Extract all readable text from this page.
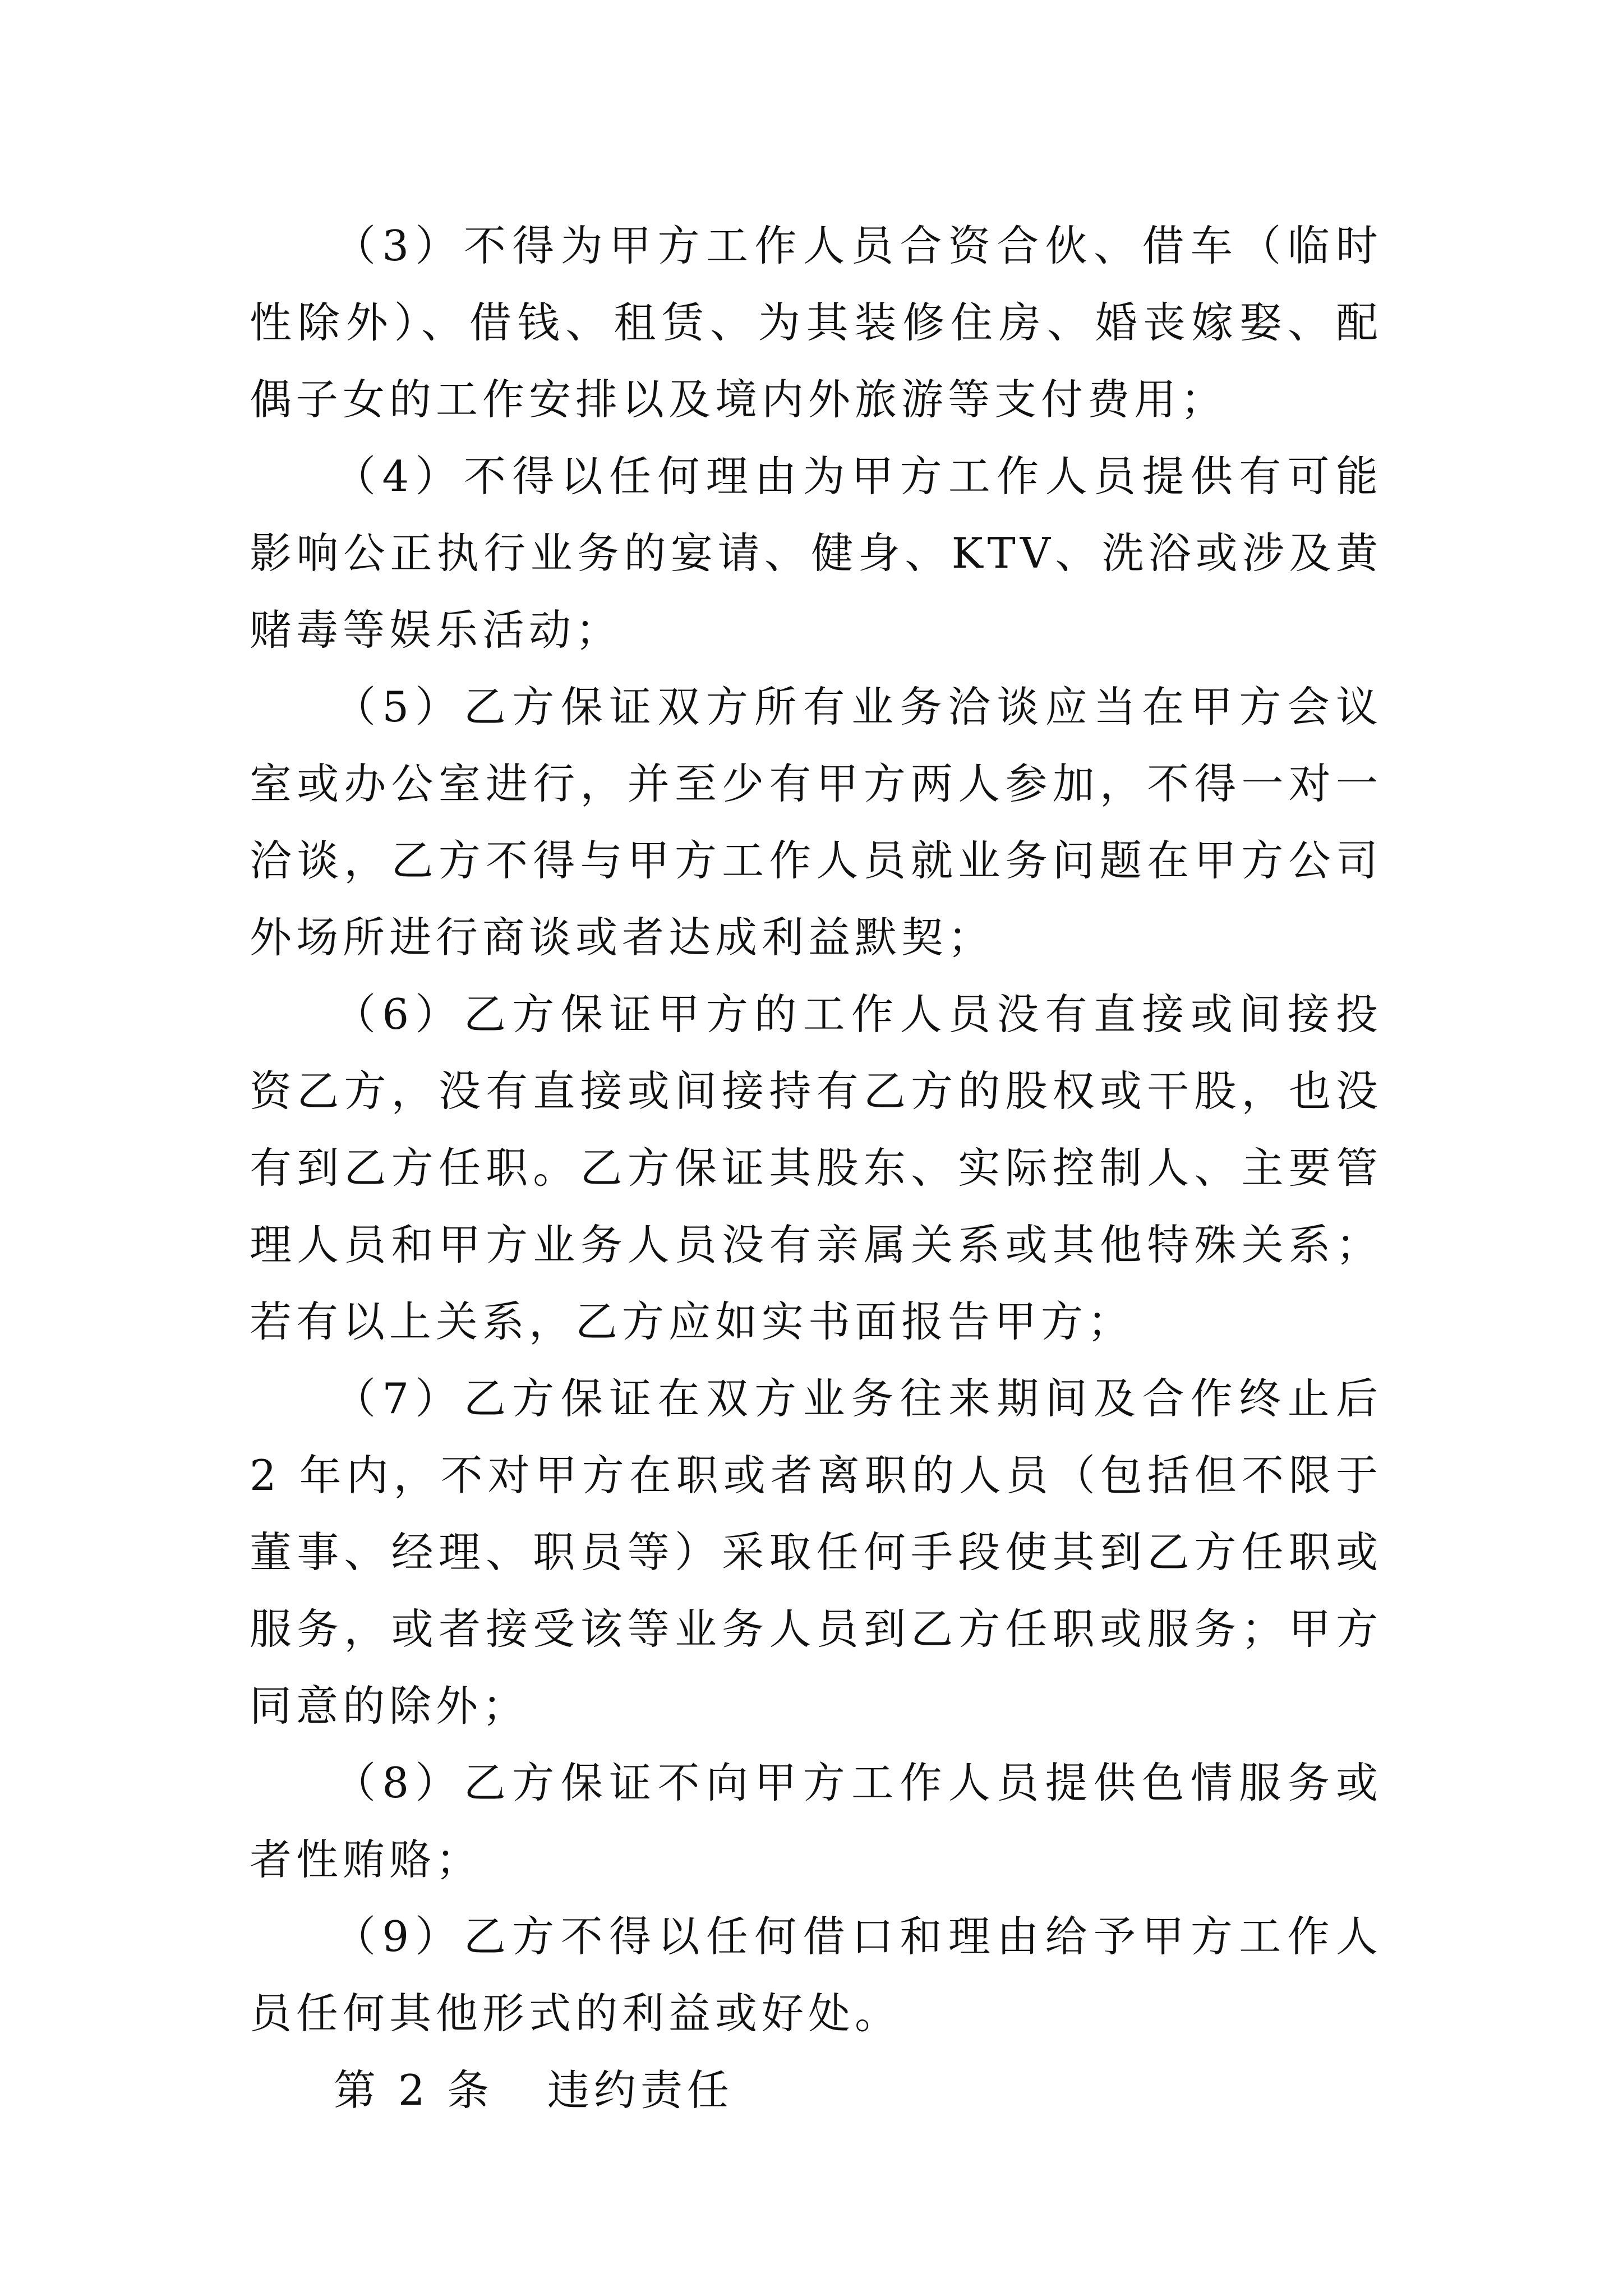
（3）不得为甲方工作人员合资合伙、借车（临时性除外）、借钱、租赁、为其装修住房、婚丧嫁娶、配偶子女的工作安排以及境内外旅游等支付费用；

（4）不得以任何理由为甲方工作人员提供有可能影响公正执行业务的宴请、健身、KTV、洗浴或涉及黄赌毒等娱乐活动；

（5）乙方保证双方所有业务洽谈应当在甲方会议室或办公室进行，并至少有甲方两人参加，不得一对一洽谈，乙方不得与甲方工作人员就业务问题在甲方公司外场所进行商谈或者达成利益默契；

（6）乙方保证甲方的工作人员没有直接或间接投资乙方，没有直接或间接持有乙方的股权或干股，也没有到乙方任职。乙方保证其股东、实际控制人、主要管理人员和甲方业务人员没有亲属关系或其他特殊关系；若有以上关系，乙方应如实书面报告甲方；

（7）乙方保证在双方业务往来期间及合作终止后 2 年内，不对甲方在职或者离职的人员（包括但不限于董事、经理、职员等）采取任何手段使其到乙方任职或服务，或者接受该等业务人员到乙方任职或服务；甲方同意的除外；

（8）乙方保证不向甲方工作人员提供色情服务或者性贿赂；

（9）乙方不得以任何借口和理由给予甲方工作人员任何其他形式的利益或好处。

第 2 条   违约责任
